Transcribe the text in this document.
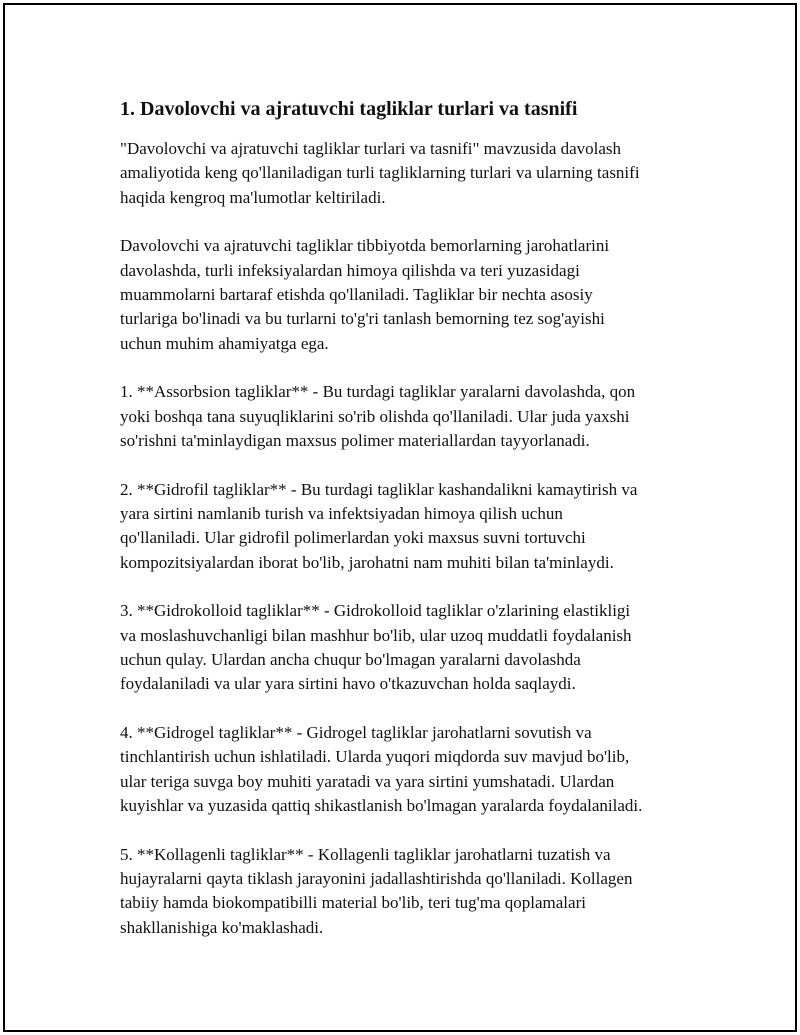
1. Davolovchi va ajratuvchi tagliklar turlari va tasnifi

"Davolovchi va ajratuvchi tagliklar turlari va tasnifi" mavzusida davolash
amaliyotida keng qo'llaniladigan turli tagliklarning turlari va ularning tasnifi
haqida kengroq ma'lumotlar keltiriladi.

Davolovchi va ajratuvchi tagliklar tibbiyotda bemorlarning jarohatlarini
davolashda, turli infeksiyalardan himoya qilishda va teri yuzasidagi
muammolarni bartaraf etishda qo'llaniladi. Tagliklar bir nechta asosiy
turlariga bo'linadi va bu turlarni to'g'ri tanlash bemorning tez sog'ayishi
uchun muhim ahamiyatga ega.

1. **Assorbsion tagliklar** - Bu turdagi tagliklar yaralarni davolashda, qon
yoki boshqa tana suyuqliklarini so'rib olishda qo'llaniladi. Ular juda yaxshi
so'rishni ta'minlaydigan maxsus polimer materiallardan tayyorlanadi.

2. **Gidrofil tagliklar** - Bu turdagi tagliklar kashandalikni kamaytirish va
yara sirtini namlanib turish va infektsiyadan himoya qilish uchun
qo'llaniladi. Ular gidrofil polimerlardan yoki maxsus suvni tortuvchi
kompozitsiyalardan iborat bo'lib, jarohatni nam muhiti bilan ta'minlaydi.

3. **Gidrokolloid tagliklar** - Gidrokolloid tagliklar o'zlarining elastikligi
va moslashuvchanligi bilan mashhur bo'lib, ular uzoq muddatli foydalanish
uchun qulay. Ulardan ancha chuqur bo'lmagan yaralarni davolashda
foydalaniladi va ular yara sirtini havo o'tkazuvchan holda saqlaydi.

4. **Gidrogel tagliklar** - Gidrogel tagliklar jarohatlarni sovutish va
tinchlantirish uchun ishlatiladi. Ularda yuqori miqdorda suv mavjud bo'lib,
ular teriga suvga boy muhiti yaratadi va yara sirtini yumshatadi. Ulardan
kuyishlar va yuzasida qattiq shikastlanish bo'lmagan yaralarda foydalaniladi.

5. **Kollagenli tagliklar** - Kollagenli tagliklar jarohatlarni tuzatish va
hujayralarni qayta tiklash jarayonini jadallashtirishda qo'llaniladi. Kollagen
tabiiy hamda biokompatibilli material bo'lib, teri tug'ma qoplamalari
shakllanishiga ko'maklashadi.
